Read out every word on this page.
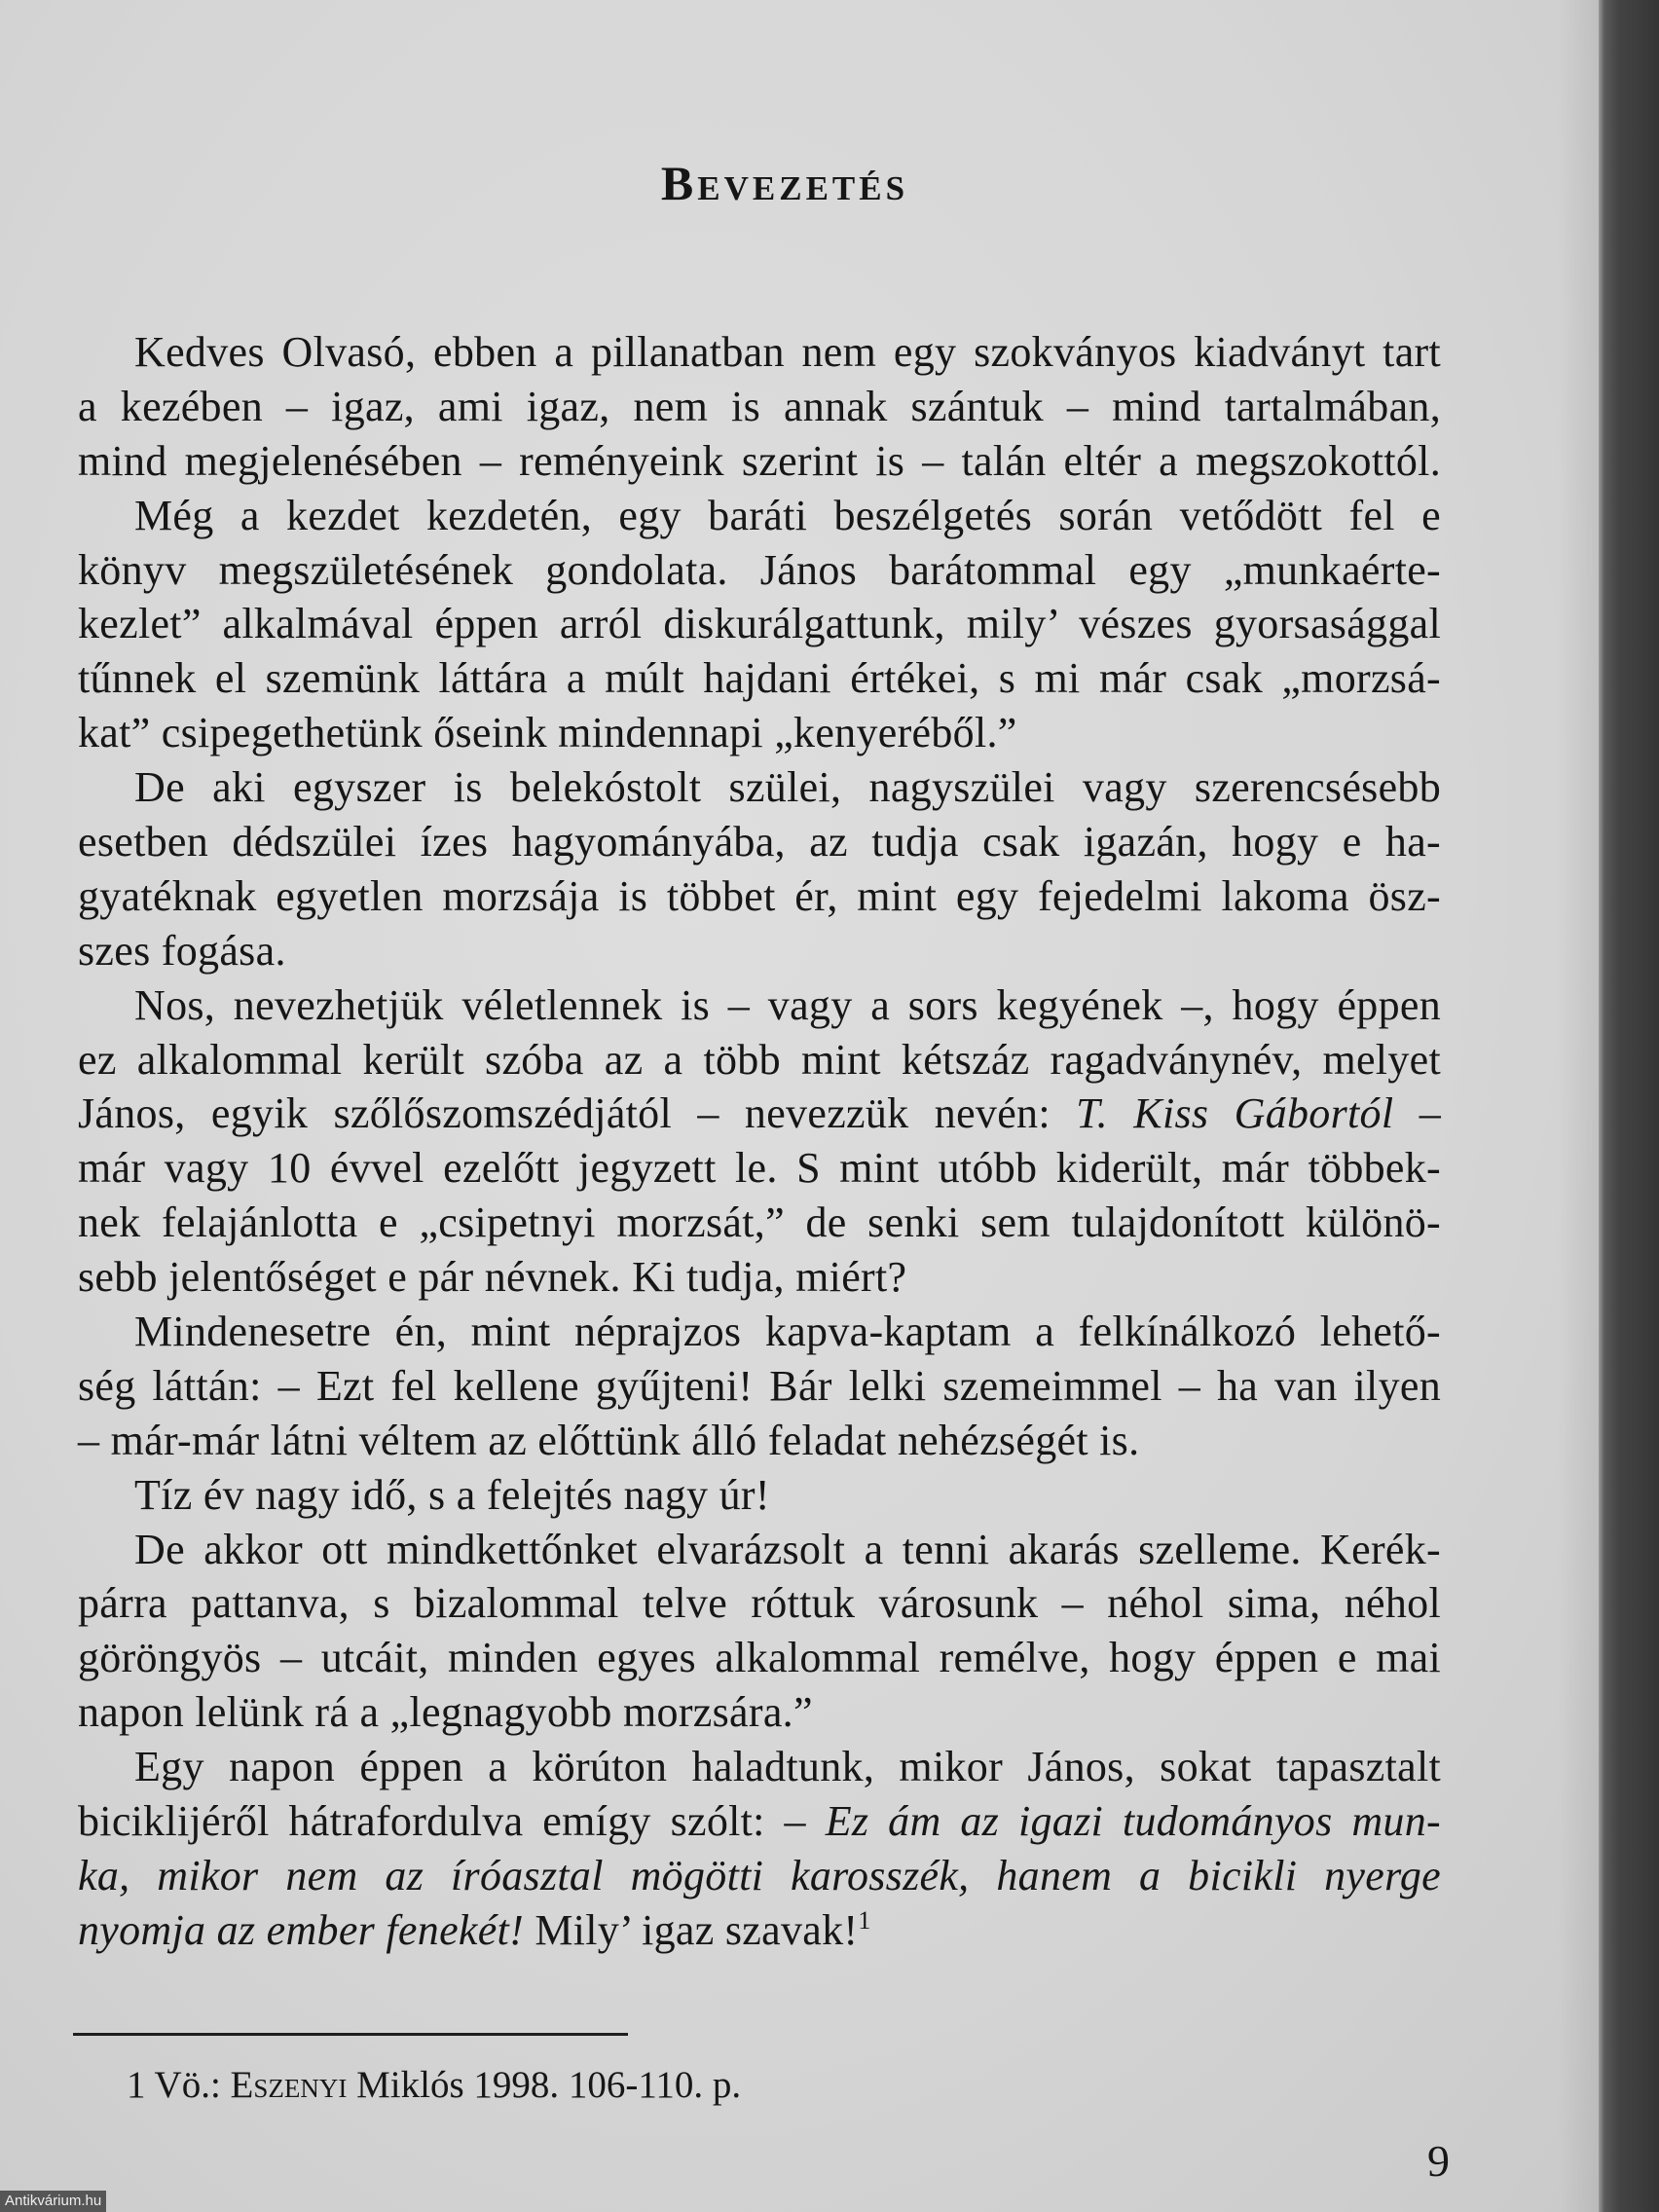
Bevezetés
Kedves Olvasó, ebben a pillanatban nem egy szokványos kiadványt tart
a kezében – igaz, ami igaz, nem is annak szántuk – mind tartalmában,
mind megjelenésében – reményeink szerint is – talán eltér a megszokottól.
Még a kezdet kezdetén, egy baráti beszélgetés során vetődött fel e
könyv megszületésének gondolata. János barátommal egy „munkaérte-
kezlet” alkalmával éppen arról diskurálgattunk, mily’ vészes gyorsasággal
tűnnek el szemünk láttára a múlt hajdani értékei, s mi már csak „morzsá-
kat” csipegethetünk őseink mindennapi „kenyeréből.”
De aki egyszer is belekóstolt szülei, nagyszülei vagy szerencsésebb
esetben dédszülei ízes hagyományába, az tudja csak igazán, hogy e ha-
gyatéknak egyetlen morzsája is többet ér, mint egy fejedelmi lakoma ösz-
szes fogása.
Nos, nevezhetjük véletlennek is – vagy a sors kegyének –, hogy éppen
ez alkalommal került szóba az a több mint kétszáz ragadványnév, melyet
János, egyik szőlőszomszédjától – nevezzük nevén: T. Kiss Gábortól –
már vagy 10 évvel ezelőtt jegyzett le. S mint utóbb kiderült, már többek-
nek felajánlotta e „csipetnyi morzsát,” de senki sem tulajdonított különö-
sebb jelentőséget e pár névnek. Ki tudja, miért?
Mindenesetre én, mint néprajzos kapva-kaptam a felkínálkozó lehető-
ség láttán: – Ezt fel kellene gyűjteni! Bár lelki szemeimmel – ha van ilyen
– már-már látni véltem az előttünk álló feladat nehézségét is.
Tíz év nagy idő, s a felejtés nagy úr!
De akkor ott mindkettőnket elvarázsolt a tenni akarás szelleme. Kerék-
párra pattanva, s bizalommal telve róttuk városunk – néhol sima, néhol
göröngyös – utcáit, minden egyes alkalommal remélve, hogy éppen e mai
napon lelünk rá a „legnagyobb morzsára.”
Egy napon éppen a körúton haladtunk, mikor János, sokat tapasztalt
biciklijéről hátrafordulva emígy szólt: – Ez ám az igazi tudományos mun-
ka, mikor nem az íróasztal mögötti karosszék, hanem a bicikli nyerge
nyomja az ember fenekét! Mily’ igaz szavak!$^1$
1 Vö.: Eszenyi Miklós 1998. 106-110. p.
9
Antikvárium.hu
